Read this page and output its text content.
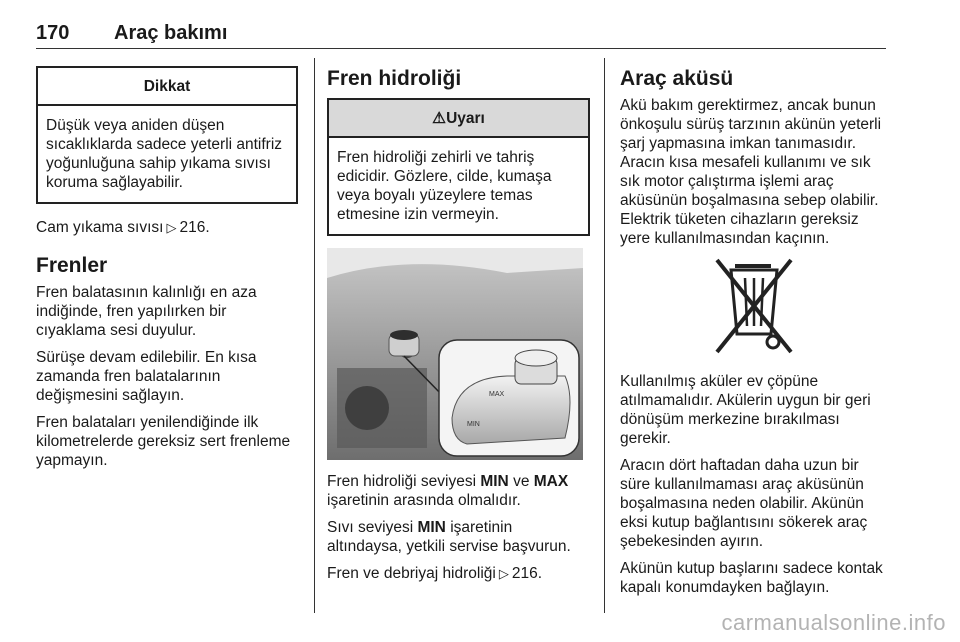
170 Araç bakımı
Dikkat
Düşük veya aniden düşen sıcaklıklarda sadece yeterli antifriz yoğunluğuna sahip yıkama sıvısı koruma sağlayabilir.

Cam yıkama sıvısı ▷ 216.

Frenler

Fren balatasının kalınlığı en aza indiğinde, fren yapılırken bir cıyaklama sesi duyulur.

Sürüşe devam edilebilir. En kısa zamanda fren balatalarının değişmesini sağlayın.

Fren balataları yenilendiğinde ilk kilometrelerde gereksiz sert frenleme yapmayın.

Fren hidroliği
⚠Uyarı
Fren hidroliği zehirli ve tahriş edicidir. Gözlere, cilde, kumaşa veya boyalı yüzeylere temas etmesine izin vermeyin.
MAX
MIN

Fren hidroliği seviyesi MIN ve MAX işaretinin arasında olmalıdır.

Sıvı seviyesi MIN işaretinin altındaysa, yetkili servise başvurun.

Fren ve debriyaj hidroliği ▷ 216.

Araç aküsü

Akü bakım gerektirmez, ancak bunun önkoşulu sürüş tarzının akünün yeterli şarj yapmasına imkan tanımasıdır. Aracın kısa mesafeli kullanımı ve sık sık motor çalıştırma işlemi araç aküsünün boşalmasına sebep olabilir. Elektrik tüketen cihazların gereksiz yere kullanılmasından kaçının.

Kullanılmış aküler ev çöpüne atılmamalıdır. Akülerin uygun bir geri dönüşüm merkezine bırakılması gerekir.

Aracın dört haftadan daha uzun bir süre kullanılmaması araç aküsünün boşalmasına neden olabilir. Akünün eksi kutup bağlantısını sökerek araç şebekesinden ayırın.

Akünün kutup başlarını sadece kontak kapalı konumdayken bağlayın.

carmanualsonline.info
